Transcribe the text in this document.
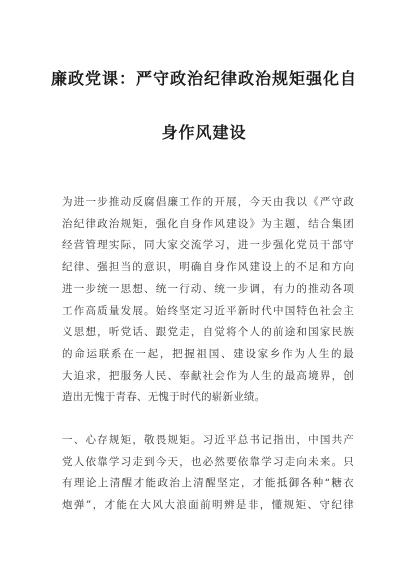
廉政党课：严守政治纪律政治规矩强化自
身作风建设
为进一步推动反腐倡廉工作的开展，今天由我以《严守政
治纪律政治规矩，强化自身作风建设》为主题，结合集团
经营管理实际，同大家交流学习，进一步强化党员干部守
纪律、强担当的意识，明确自身作风建设上的不足和方向
进一步统一思想、统一行动、统一步调，有力的推动各项
工作高质量发展。始终坚定习近平新时代中国特色社会主
义思想，听党话、跟党走，自觉将个人的前途和国家民族
的命运联系在一起，把握祖国、建设家乡作为人生的最
大追求，把服务人民、奉献社会作为人生的最高境界，创
造出无愧于青春、无愧于时代的崭新业绩。
一、心存规矩，敬畏规矩。习近平总书记指出，中国共产
党人依靠学习走到今天，也必然要依靠学习走向未来。只
有理论上清醒才能政治上清醒坚定，才能抵御各种“糖衣
炮弹”，才能在大风大浪面前明辨是非，懂规矩、守纪律
